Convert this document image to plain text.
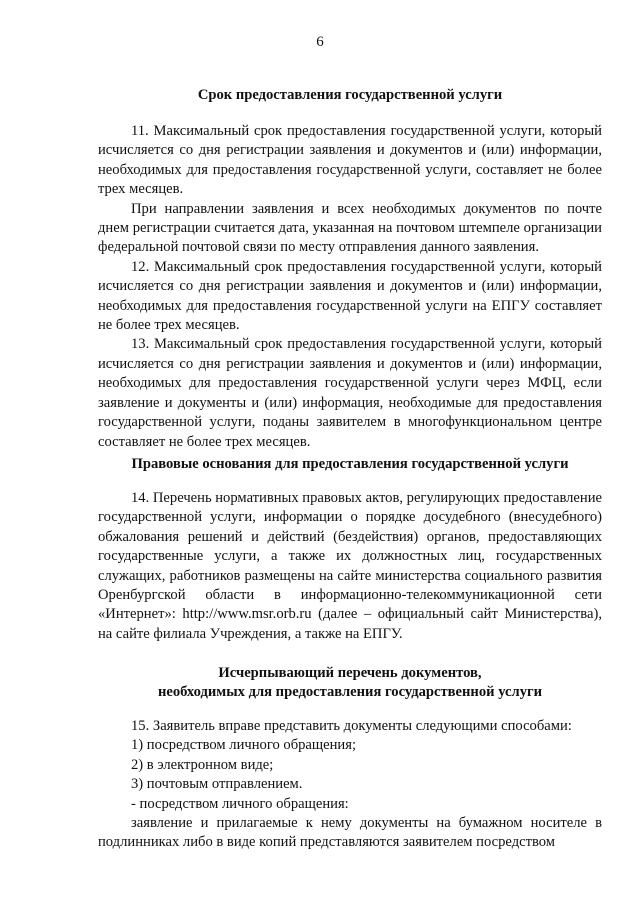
6

Срок предоставления государственной услуги

11. Максимальный срок предоставления государственной услуги, который исчисляется со дня регистрации заявления и документов и (или) информации, необходимых для предоставления государственной услуги, составляет не более трех месяцев.

При направлении заявления и всех необходимых документов по почте днем регистрации считается дата, указанная на почтовом штемпеле организации федеральной почтовой связи по месту отправления данного заявления.

12. Максимальный срок предоставления государственной услуги, который исчисляется со дня регистрации заявления и документов и (или) информации, необходимых для предоставления государственной услуги на ЕПГУ составляет не более трех месяцев.

13. Максимальный срок предоставления государственной услуги, который исчисляется со дня регистрации заявления и документов и (или) информации, необходимых для предоставления государственной услуги через МФЦ, если заявление и документы и (или) информация, необходимые для предоставления государственной услуги, поданы заявителем в многофункциональном центре составляет не более трех месяцев.

Правовые основания для предоставления государственной услуги

14. Перечень нормативных правовых актов, регулирующих предоставление государственной услуги, информации о порядке досудебного (внесудебного) обжалования решений и действий (бездействия) органов, предоставляющих государственные услуги, а также их должностных лиц, государственных служащих, работников размещены на сайте министерства социального развития Оренбургской области в информационно-телекоммуникационной сети «Интернет»: http://www.msr.orb.ru (далее – официальный сайт Министерства), на сайте филиала Учреждения, а также на ЕПГУ.

Исчерпывающий перечень документов,

необходимых для предоставления государственной услуги

15. Заявитель вправе представить документы следующими способами:

1) посредством личного обращения;

2) в электронном виде;

3) почтовым отправлением.

- посредством личного обращения:

заявление и прилагаемые к нему документы на бумажном носителе в подлинниках либо в виде копий представляются заявителем посредством
